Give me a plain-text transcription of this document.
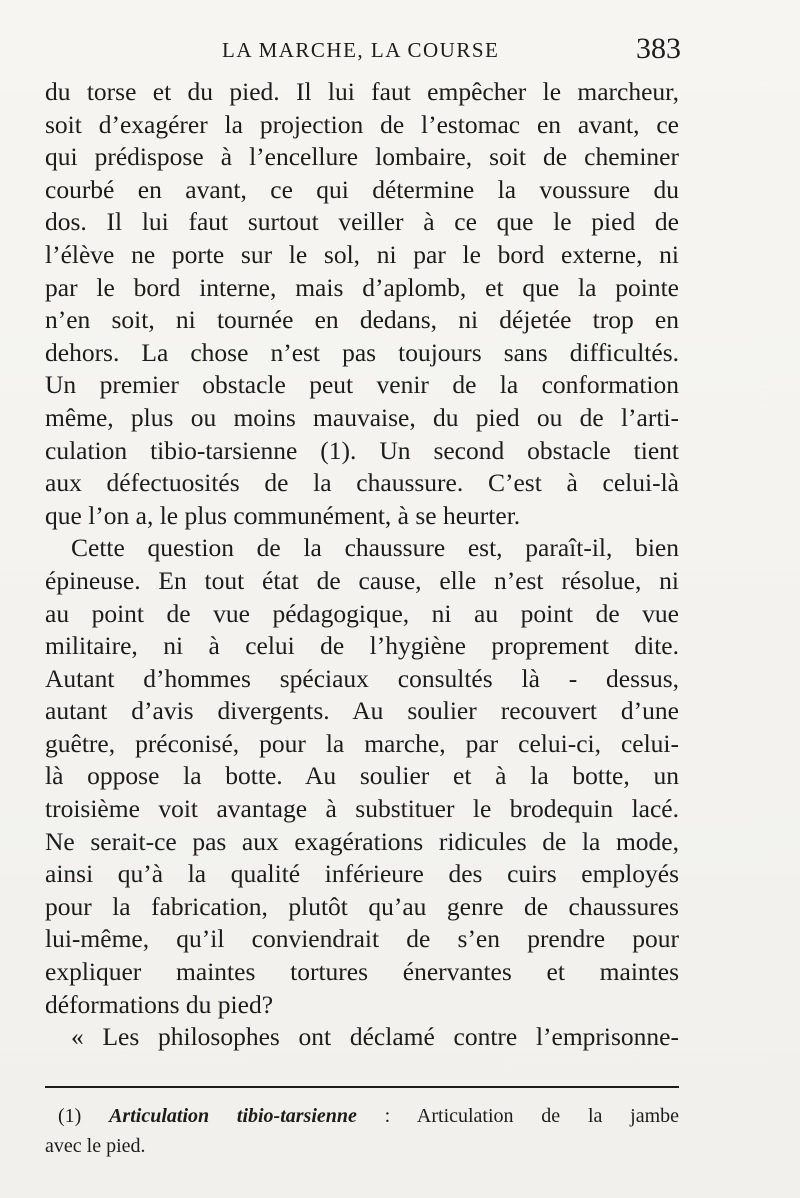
LA MARCHE, LA COURSE	383
du torse et du pied. Il lui faut empêcher le marcheur,
soit d’exagérer la projection de l’estomac en avant, ce
qui prédispose à l’encellure lombaire, soit de cheminer
courbé en avant, ce qui détermine la voussure du
dos. Il lui faut surtout veiller à ce que le pied de
l’élève ne porte sur le sol, ni par le bord externe, ni
par le bord interne, mais d’aplomb, et que la pointe
n’en soit, ni tournée en dedans, ni déjetée trop en
dehors. La chose n’est pas toujours sans difficultés.
Un premier obstacle peut venir de la conformation
même, plus ou moins mauvaise, du pied ou de l’arti-
culation tibio-tarsienne (1). Un second obstacle tient
aux défectuosités de la chaussure. C’est à celui-là
que l’on a, le plus communément, à se heurter.
Cette question de la chaussure est, paraît-il, bien
épineuse. En tout état de cause, elle n’est résolue, ni
au point de vue pédagogique, ni au point de vue
militaire, ni à celui de l’hygiène proprement dite.
Autant d’hommes spéciaux consultés là - dessus,
autant d’avis divergents. Au soulier recouvert d’une
guêtre, préconisé, pour la marche, par celui-ci, celui-
là oppose la botte. Au soulier et à la botte, un
troisième voit avantage à substituer le brodequin lacé.
Ne serait-ce pas aux exagérations ridicules de la mode,
ainsi qu’à la qualité inférieure des cuirs employés
pour la fabrication, plutôt qu’au genre de chaussures
lui-même, qu’il conviendrait de s’en prendre pour
expliquer maintes tortures énervantes et maintes
déformations du pied?
« Les philosophes ont déclamé contre l’emprisonne-
(1) Articulation tibio-tarsienne : Articulation de la jambe
avec le pied.
